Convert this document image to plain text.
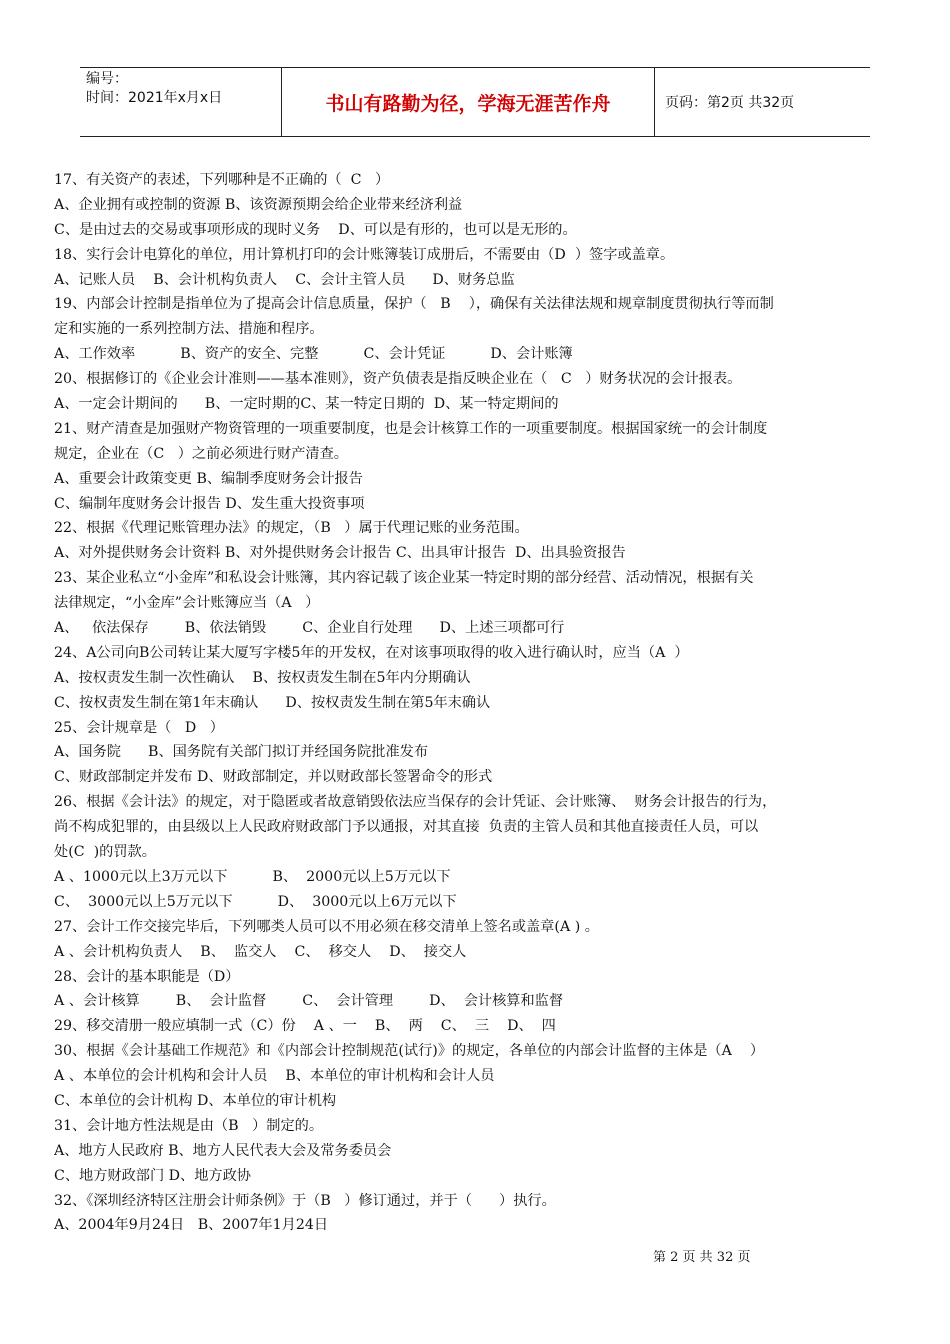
编号：
时间：2021年x月x日	书山有路勤为径，学海无涯苦作舟	页码：第2页 共32页
17、有关资产的表述，下列哪种是不正确的（  C   ）
A、企业拥有或控制的资源 B、该资源预期会给企业带来经济利益
C、是由过去的交易或事项形成的现时义务    D、可以是有形的，也可以是无形的。
18、实行会计电算化的单位，用计算机打印的会计账簿装订成册后，不需要由（D  ）签字或盖章。
A、记账人员    B、会计机构负责人    C、会计主管人员      D、财务总监
19、内部会计控制是指单位为了提高会计信息质量，保护（   B    ），确保有关法律法规和规章制度贯彻执行等而制
定和实施的一系列控制方法、措施和程序。
A、工作效率          B、资产的安全、完整          C、会计凭证          D、会计账簿
20、根据修订的《企业会计准则——基本准则》，资产负债表是指反映企业在（   C   ）财务状况的会计报表。
A、一定会计期间的      B、一定时期的C、某一特定日期的  D、某一特定期间的
21、财产清查是加强财产物资管理的一项重要制度，也是会计核算工作的一项重要制度。根据国家统一的会计制度
规定，企业在（C   ）之前必须进行财产清查。
A、重要会计政策变更 B、编制季度财务会计报告
C、编制年度财务会计报告 D、发生重大投资事项
22、根据《代理记账管理办法》的规定，（B   ）属于代理记账的业务范围。
A、对外提供财务会计资料 B、对外提供财务会计报告 C、出具审计报告  D、出具验资报告
23、某企业私立“小金库”和私设会计账簿，其内容记载了该企业某一特定时期的部分经营、活动情况，根据有关
法律规定，“小金库”会计账簿应当（A   ）
A、   依法保存        B、依法销毁        C、企业自行处理      D、上述三项都可行
24、A公司向B公司转让某大厦写字楼5年的开发权，在对该事项取得的收入进行确认时，应当（A  ）
A、按权责发生制一次性确认    B、按权责发生制在5年内分期确认
C、按权责发生制在第1年末确认      D、按权责发生制在第5年末确认
25、会计规章是（   D   ）
A、国务院      B、国务院有关部门拟订并经国务院批准发布
C、财政部制定并发布 D、财政部制定，并以财政部长签署命令的形式
26、根据《会计法》的规定，对于隐匿或者故意销毁依法应当保存的会计凭证、会计账簿、  财务会计报告的行为，
尚不构成犯罪的，由县级以上人民政府财政部门予以通报，对其直接  负责的主管人员和其他直接责任人员，可以
处(C  )的罚款。
A 、1000元以上3万元以下          B、  2000元以上5万元以下
C、  3000元以上5万元以下          D、  3000元以上6万元以下
27、会计工作交接完毕后，下列哪类人员可以不用必须在移交清单上签名或盖章(A ) 。
A 、会计机构负责人    B、  监交人    C、  移交人    D、  接交人
28、会计的基本职能是（D）
A 、会计核算        B、  会计监督        C、  会计管理        D、  会计核算和监督
29、移交清册一般应填制一式（C）份    A 、一    B、  两    C、  三    D、  四
30、根据《会计基础工作规范》和《内部会计控制规范(试行)》的规定，各单位的内部会计监督的主体是（A    ）
A 、本单位的会计机构和会计人员    B、本单位的审计机构和会计人员
C、本单位的会计机构 D、本单位的审计机构
31、会计地方性法规是由（B   ）制定的。
A、地方人民政府 B、地方人民代表大会及常务委员会
C、地方财政部门 D、地方政协
32、《深圳经济特区注册会计师条例》于（B   ）修订通过，并于（      ）执行。
A、2004年9月24日   B、2007年1月24日
第 2 页 共 32 页
